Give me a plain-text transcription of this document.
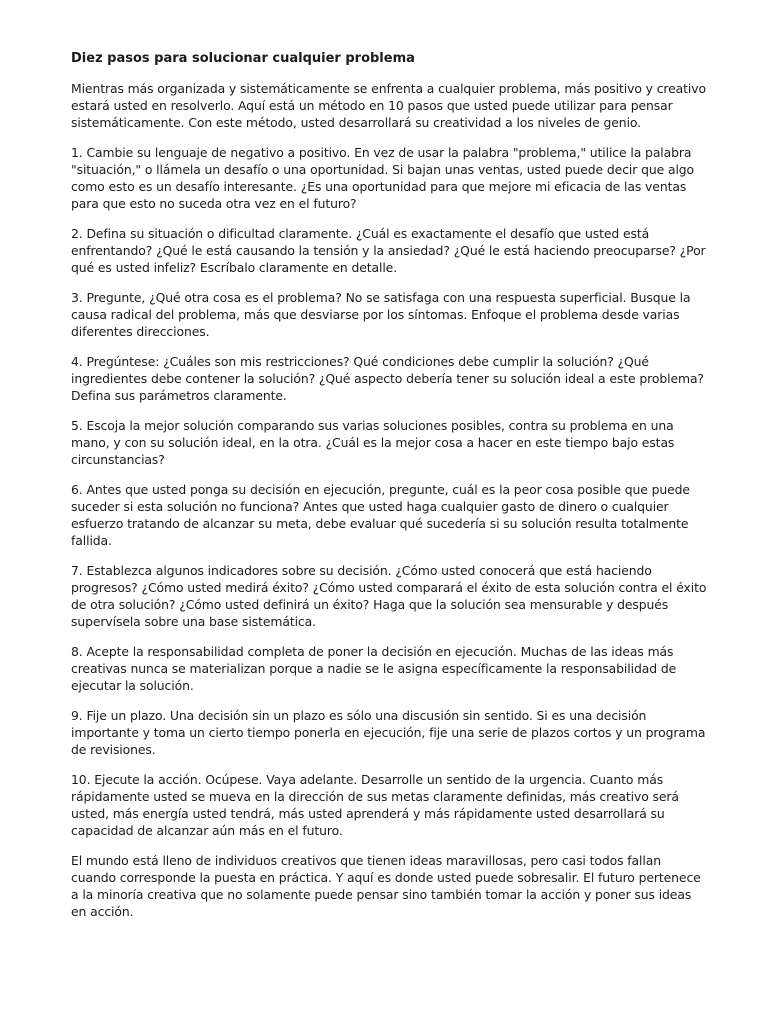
Diez pasos para solucionar cualquier problema

Mientras más organizada y sistemáticamente se enfrenta a cualquier problema, más positivo y creativo estará usted en resolverlo. Aquí está un método en 10 pasos que usted puede utilizar para pensar sistemáticamente. Con este método, usted desarrollará su creatividad a los niveles de genio.

1. Cambie su lenguaje de negativo a positivo. En vez de usar la palabra "problema," utilice la palabra "situación," o llámela un desafío o una oportunidad. Si bajan unas ventas, usted puede decir que algo como esto es un desafío interesante. ¿Es una oportunidad para que mejore mi eficacia de las ventas para que esto no suceda otra vez en el futuro?

2. Defina su situación o dificultad claramente. ¿Cuál es exactamente el desafío que usted está enfrentando? ¿Qué le está causando la tensión y la ansiedad? ¿Qué le está haciendo preocuparse? ¿Por qué es usted infeliz? Escríbalo claramente en detalle.

3. Pregunte, ¿Qué otra cosa es el problema? No se satisfaga con una respuesta superficial. Busque la causa radical del problema, más que desviarse por los síntomas. Enfoque el problema desde varias diferentes direcciones.

4. Pregúntese: ¿Cuáles son mis restricciones? Qué condiciones debe cumplir la solución? ¿Qué ingredientes debe contener la solución? ¿Qué aspecto debería tener su solución ideal a este problema? Defina sus parámetros claramente.

5. Escoja la mejor solución comparando sus varias soluciones posibles, contra su problema en una mano, y con su solución ideal, en la otra. ¿Cuál es la mejor cosa a hacer en este tiempo bajo estas circunstancias?

6. Antes que usted ponga su decisión en ejecución, pregunte, cuál es la peor cosa posible que puede suceder si esta solución no funciona? Antes que usted haga cualquier gasto de dinero o cualquier esfuerzo tratando de alcanzar su meta, debe evaluar qué sucedería si su solución resulta totalmente fallida.

7. Establezca algunos indicadores sobre su decisión. ¿Cómo usted conocerá que está haciendo progresos? ¿Cómo usted medirá éxito? ¿Cómo usted comparará el éxito de esta solución contra el éxito de otra solución? ¿Cómo usted definirá un éxito? Haga que la solución sea mensurable y después supervísela sobre una base sistemática.

8. Acepte la responsabilidad completa de poner la decisión en ejecución. Muchas de las ideas más creativas nunca se materializan porque a nadie se le asigna específicamente la responsabilidad de ejecutar la solución.

9. Fije un plazo. Una decisión sin un plazo es sólo una discusión sin sentido. Si es una decisión importante y toma un cierto tiempo ponerla en ejecución, fije una serie de plazos cortos y un programa de revisiones.

10. Ejecute la acción. Ocúpese. Vaya adelante. Desarrolle un sentido de la urgencia. Cuanto más rápidamente usted se mueva en la dirección de sus metas claramente definidas, más creativo será usted, más energía usted tendrá, más usted aprenderá y más rápidamente usted desarrollará su capacidad de alcanzar aún más en el futuro.

El mundo está lleno de individuos creativos que tienen ideas maravillosas, pero casi todos fallan cuando corresponde la puesta en práctica. Y aquí es donde usted puede sobresalir. El futuro pertenece a la minoría creativa que no solamente puede pensar sino también tomar la acción y poner sus ideas en acción.
